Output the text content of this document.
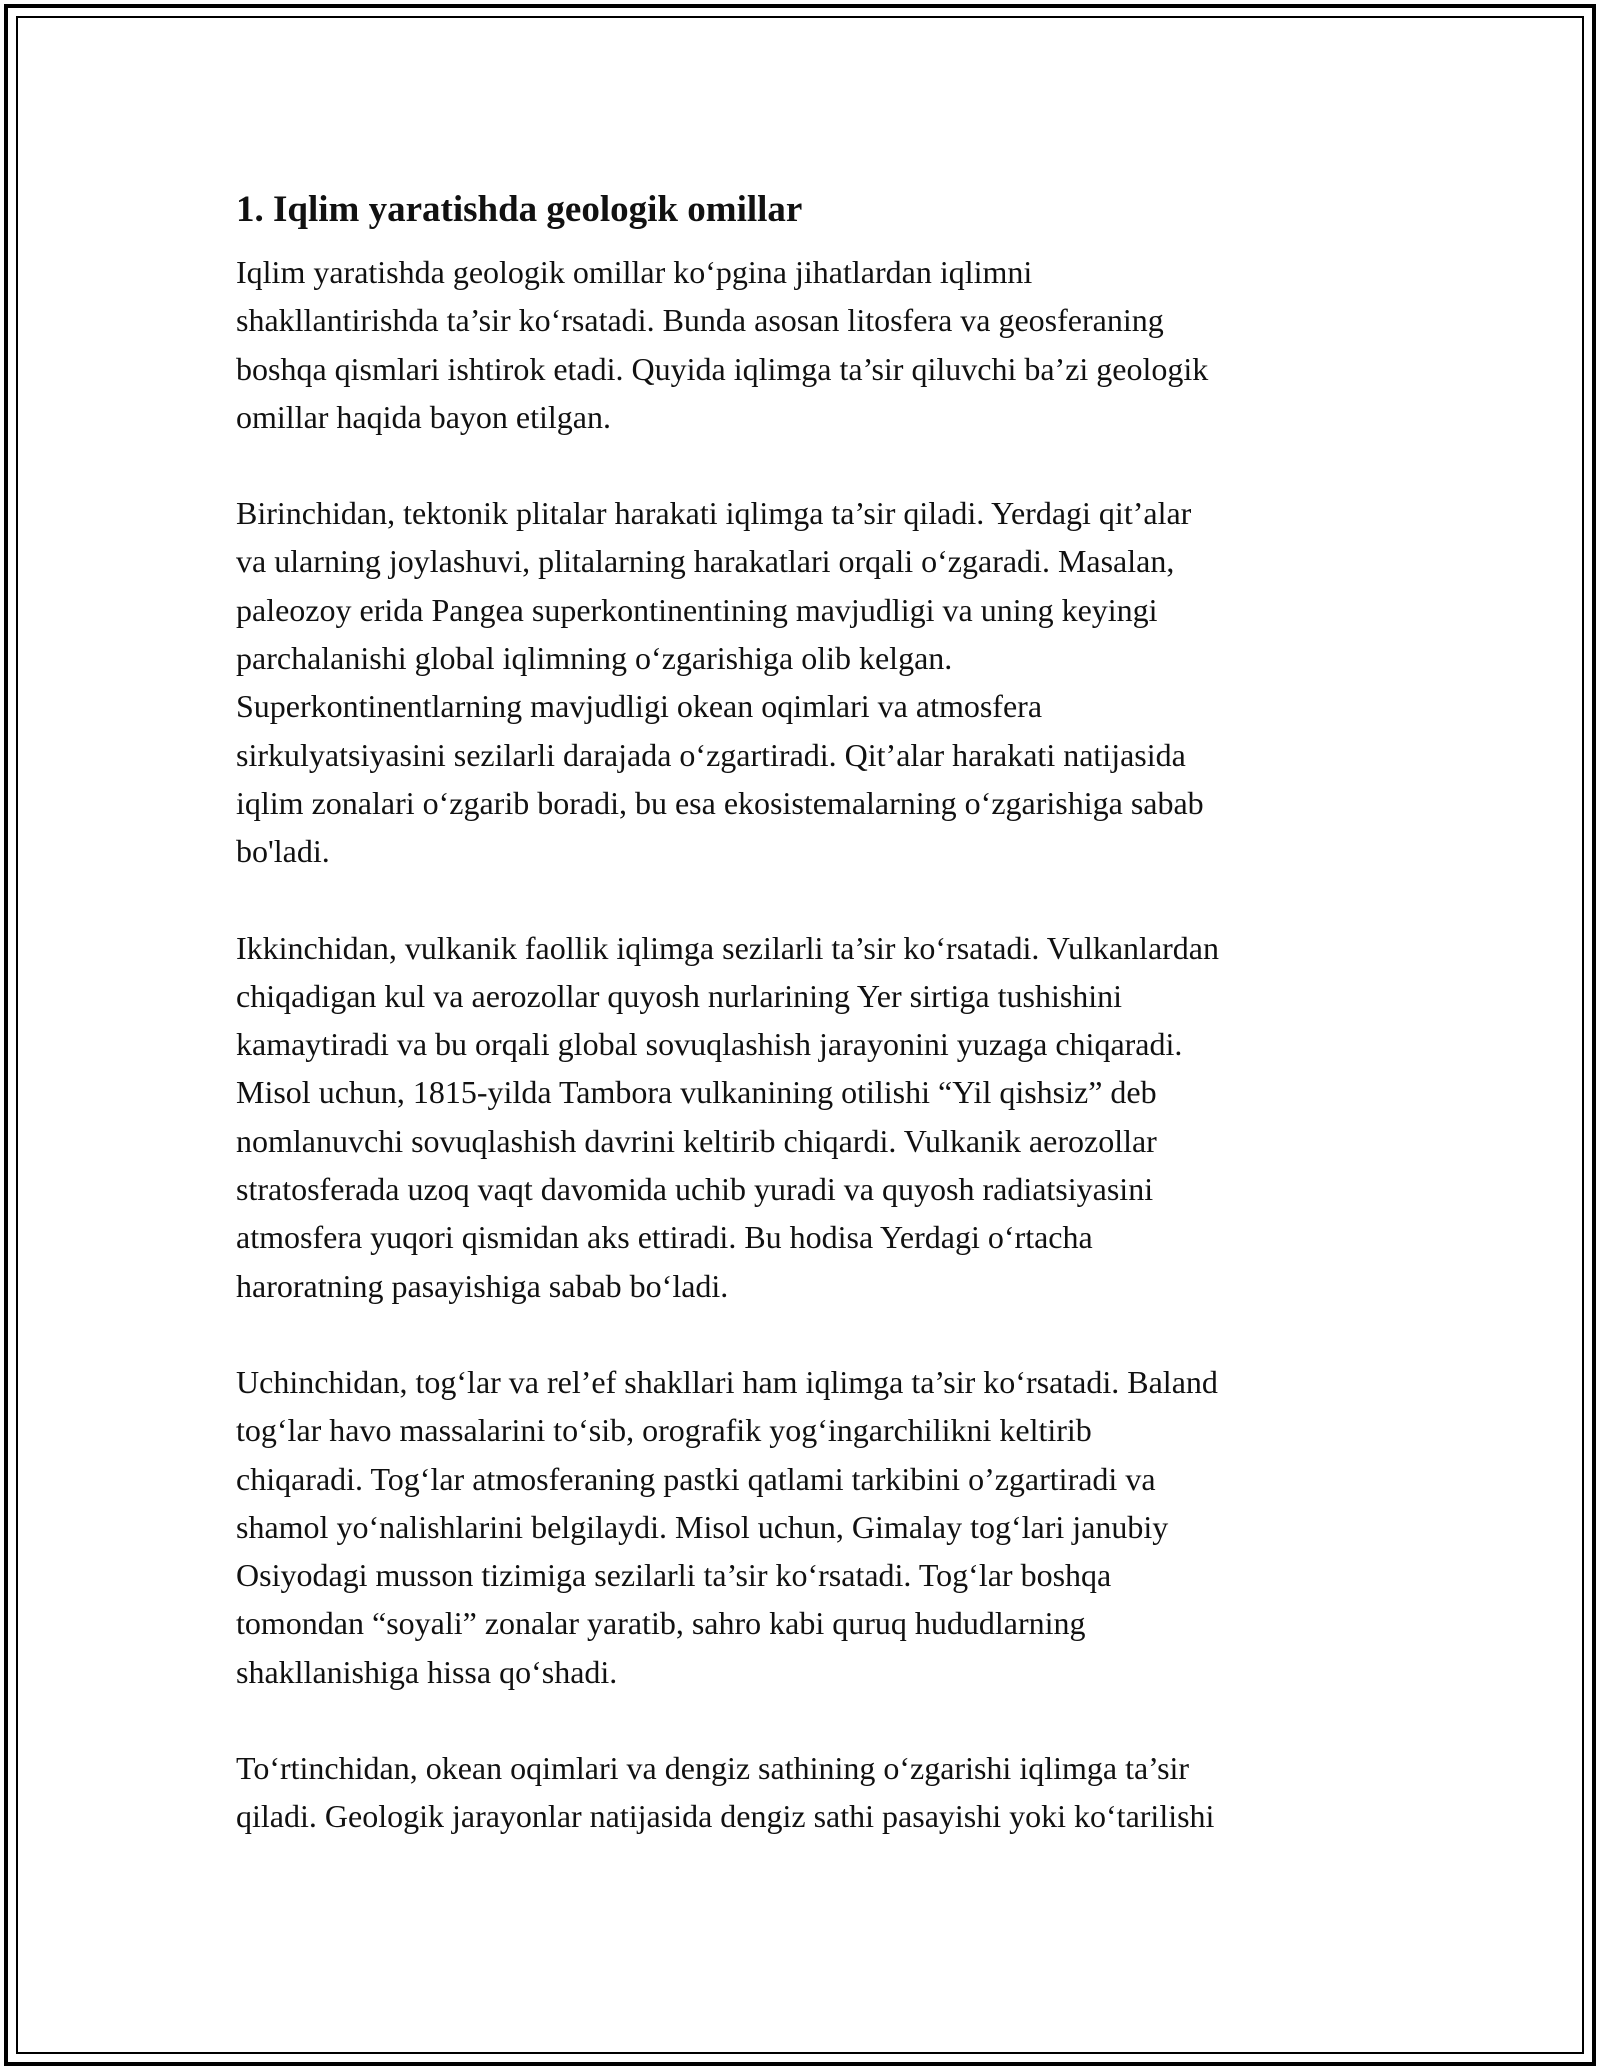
1. Iqlim yaratishda geologik omillar
Iqlim yaratishda geologik omillar ko‘pgina jihatlardan iqlimni
shakllantirishda ta’sir ko‘rsatadi. Bunda asosan litosfera va geosferaning
boshqa qismlari ishtirok etadi. Quyida iqlimga ta’sir qiluvchi ba’zi geologik
omillar haqida bayon etilgan.
Birinchidan, tektonik plitalar harakati iqlimga ta’sir qiladi. Yerdagi qit’alar
va ularning joylashuvi, plitalarning harakatlari orqali o‘zgaradi. Masalan,
paleozoy erida Pangea superkontinentining mavjudligi va uning keyingi
parchalanishi global iqlimning o‘zgarishiga olib kelgan.
Superkontinentlarning mavjudligi okean oqimlari va atmosfera
sirkulyatsiyasini sezilarli darajada o‘zgartiradi. Qit’alar harakati natijasida
iqlim zonalari o‘zgarib boradi, bu esa ekosistemalarning o‘zgarishiga sabab
bo'ladi.
Ikkinchidan, vulkanik faollik iqlimga sezilarli ta’sir ko‘rsatadi. Vulkanlardan
chiqadigan kul va aerozollar quyosh nurlarining Yer sirtiga tushishini
kamaytiradi va bu orqali global sovuqlashish jarayonini yuzaga chiqaradi.
Misol uchun, 1815-yilda Tambora vulkanining otilishi “Yil qishsiz” deb
nomlanuvchi sovuqlashish davrini keltirib chiqardi. Vulkanik aerozollar
stratosferada uzoq vaqt davomida uchib yuradi va quyosh radiatsiyasini
atmosfera yuqori qismidan aks ettiradi. Bu hodisa Yerdagi o‘rtacha
haroratning pasayishiga sabab bo‘ladi.
Uchinchidan, tog‘lar va rel’ef shakllari ham iqlimga ta’sir ko‘rsatadi. Baland
tog‘lar havo massalarini to‘sib, orografik yog‘ingarchilikni keltirib
chiqaradi. Tog‘lar atmosferaning pastki qatlami tarkibini o’zgartiradi va
shamol yo‘nalishlarini belgilaydi. Misol uchun, Gimalay tog‘lari janubiy
Osiyodagi musson tizimiga sezilarli ta’sir ko‘rsatadi. Tog‘lar boshqa
tomondan “soyali” zonalar yaratib, sahro kabi quruq hududlarning
shakllanishiga hissa qo‘shadi.
To‘rtinchidan, okean oqimlari va dengiz sathining o‘zgarishi iqlimga ta’sir
qiladi. Geologik jarayonlar natijasida dengiz sathi pasayishi yoki ko‘tarilishi
